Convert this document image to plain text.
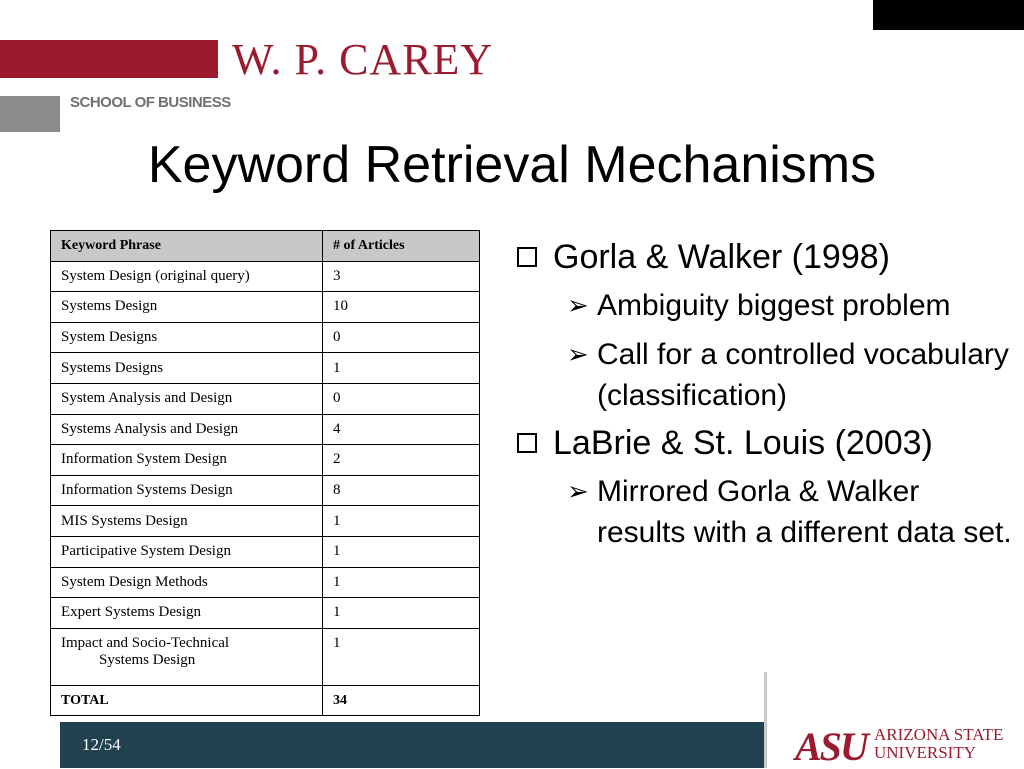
W. P. CAREY
SCHOOL OF BUSINESS
Keyword Retrieval Mechanisms
Keyword Phrase	# of Articles
System Design (original query)	3
Systems Design	10
System Designs	0
Systems Designs	1
System Analysis and Design	0
Systems Analysis and Design	4
Information System Design	2
Information Systems Design	8
MIS Systems Design	1
Participative System Design	1
System Design Methods	1
Expert Systems Design	1
Impact and Socio-Technical
Systems Design	1
TOTAL	34
Gorla & Walker (1998)
➢ Ambiguity biggest problem
➢ Call for a controlled vocabulary (classification)
LaBrie & St. Louis (2003)
➢ Mirrored Gorla & Walker results with a different data set.
12/54	ASU ARIZONA STATE
UNIVERSITY
